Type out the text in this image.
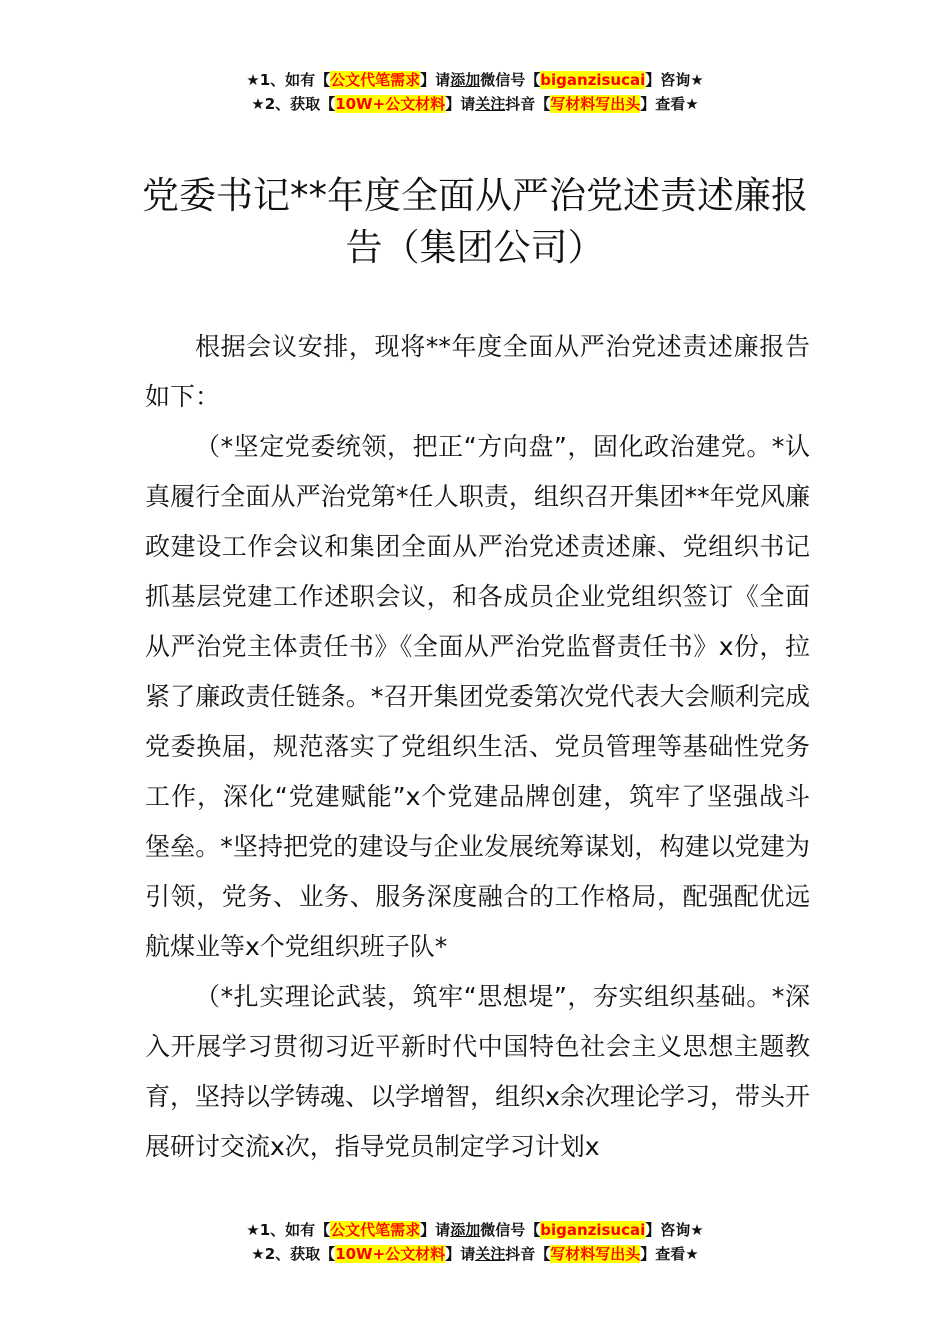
★1、如有【公文代笔需求】请添加微信号【biganzisucai】咨询★
★2、获取【10W+公文材料】请关注抖音【写材料写出头】查看★
党委书记**年度全面从严治党述责述廉报
告（集团公司）

根据会议安排，现将**年度全面从严治党述责述廉报告如下：

（*坚定党委统领，把正“方向盘”，固化政治建党。*认真履行全面从严治党第*任人职责，组织召开集团**年党风廉政建设工作会议和集团全面从严治党述责述廉、党组织书记抓基层党建工作述职会议，和各成员企业党组织签订《全面从严治党主体责任书》《全面从严治党监督责任书》x份，拉紧了廉政责任链条。*召开集团党委第次党代表大会顺利完成党委换届，规范落实了党组织生活、党员管理等基础性党务工作，深化“党建赋能”x个党建品牌创建，筑牢了坚强战斗堡垒。*坚持把党的建设与企业发展统筹谋划，构建以党建为引领，党务、业务、服务深度融合的工作格局，配强配优远航煤业等x个党组织班子队*

（*扎实理论武装，筑牢“思想堤”，夯实组织基础。*深入开展学习贯彻习近平新时代中国特色社会主义思想主题教育，坚持以学铸魂、以学增智，组织x余次理论学习，带头开展研讨交流x次，指导党员制定学习计划x

★1、如有【公文代笔需求】请添加微信号【biganzisucai】咨询★
★2、获取【10W+公文材料】请关注抖音【写材料写出头】查看★
